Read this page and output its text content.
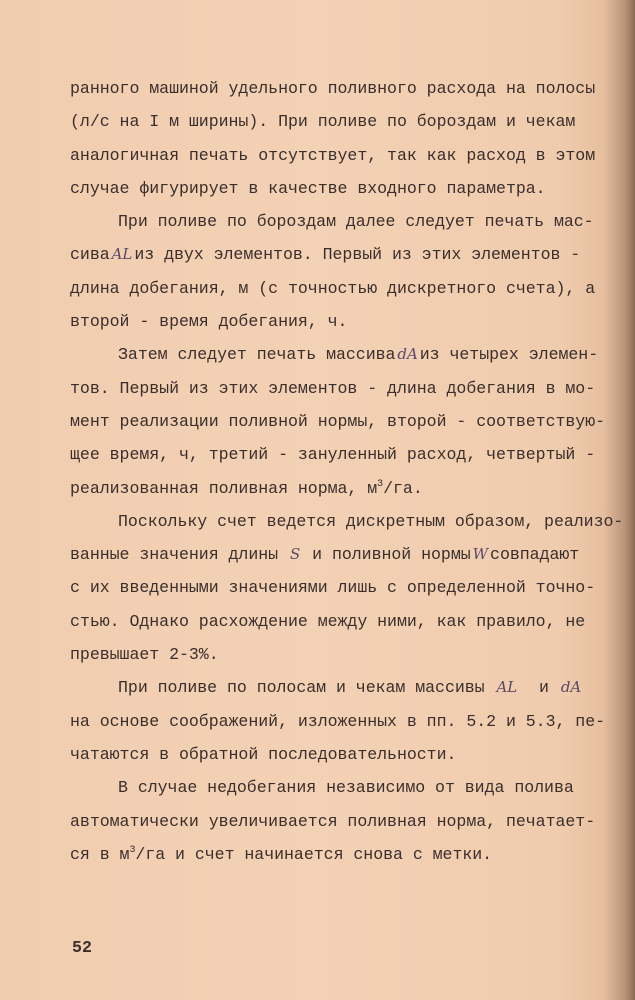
ранного машиной удельного поливного расхода на полосы
(л/с на I м ширины). При поливе по бороздам и чекам
аналогичная печать отсутствует, так как расход в этом
случае фигурирует в качестве входного параметра.
При поливе по бороздам далее следует печать мас-
сива AL из двух элементов. Первый из этих элементов -
длина добегания, м (с точностью дискретного счета), а
второй - время добегания, ч.
Затем следует печать массива dA из четырех элемен-
тов. Первый из этих элементов - длина добегания в мо-
мент реализации поливной нормы, второй - соответствую-
щее время, ч, третий - зануленный расход, четвертый -
реализованная поливная норма, $м^3/га$.
Поскольку счет ведется дискретным образом, реализо-
ванные значения длины S и поливной нормы W совпадают
с их введенными значениями лишь с определенной точно-
стью. Однако расхождение между ними, как правило, не
превышает 2-3%.
При поливе по полосам и чекам массивы AL  и dA
на основе соображений, изложенных в пп. 5.2 и 5.3, пе-
чатаются в обратной последовательности.
В случае недобегания независимо от вида полива
автоматически увеличивается поливная норма, печатает-
ся в $м^3/га$ и счет начинается снова с метки.
52
